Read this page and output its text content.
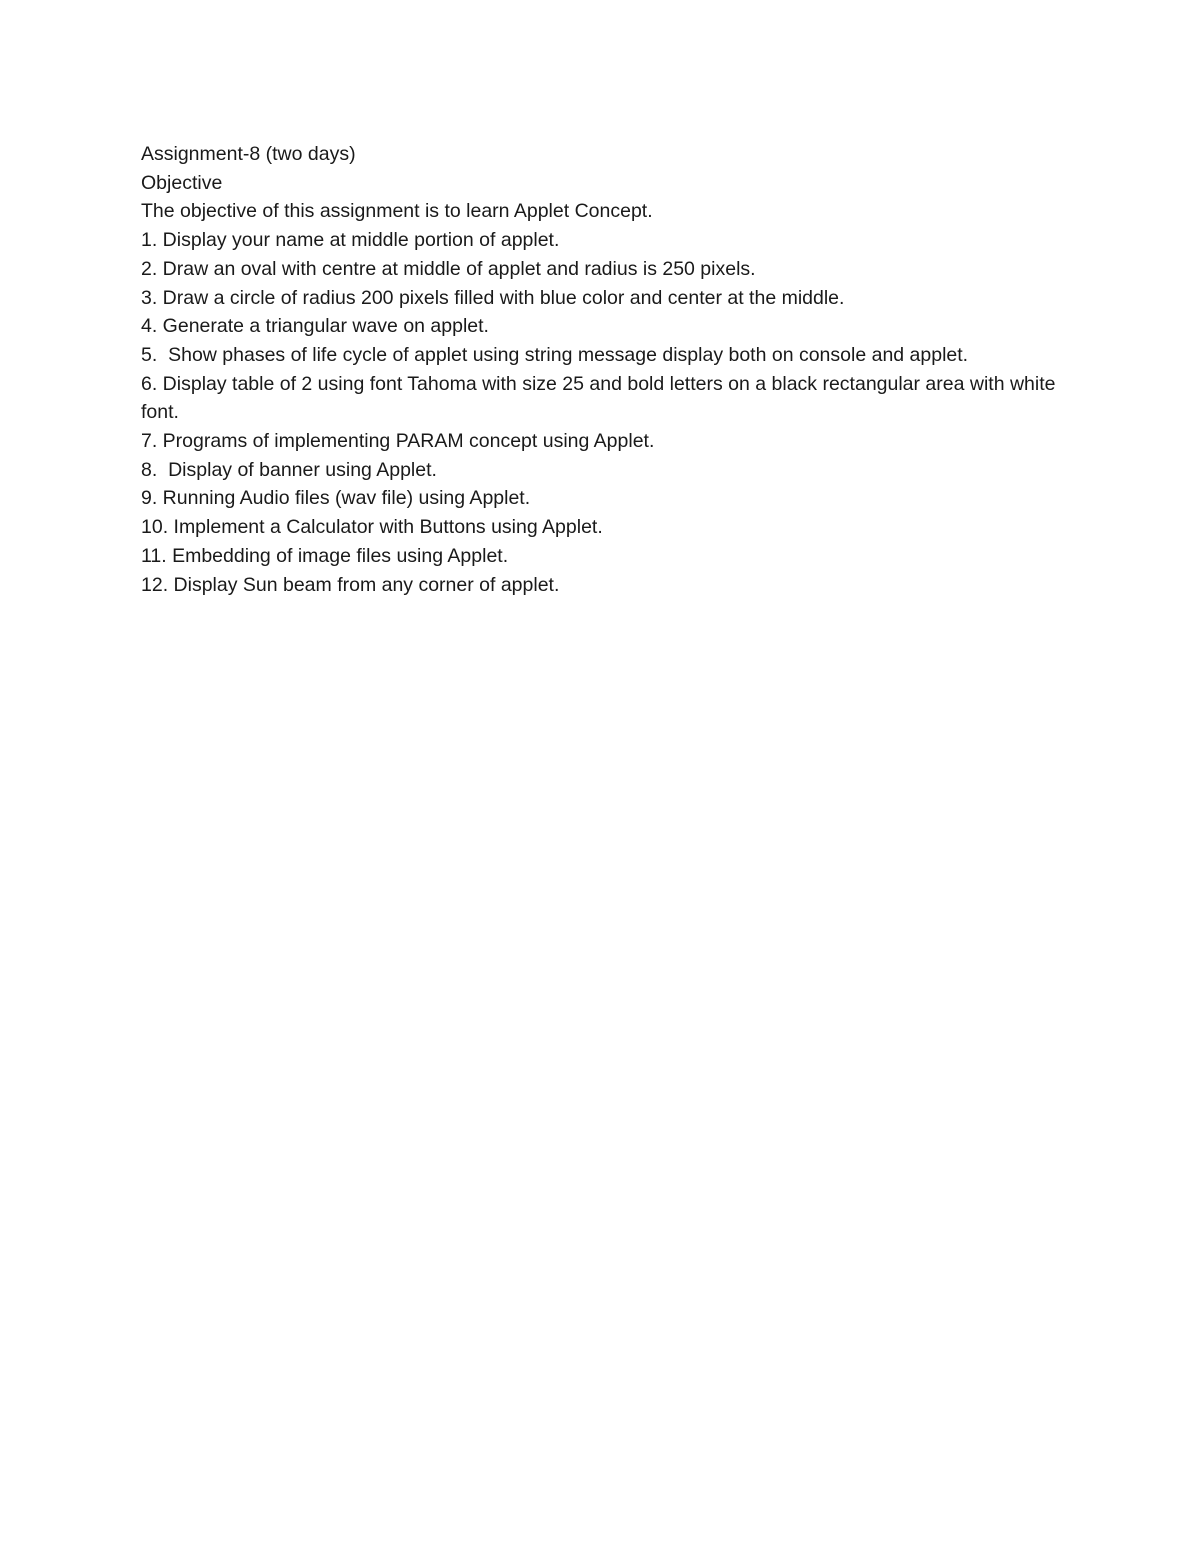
Assignment-8 (two days)

Objective

The objective of this assignment is to learn Applet Concept.

1. Display your name at middle portion of applet.

2. Draw an oval with centre at middle of applet and radius is 250 pixels.

3. Draw a circle of radius 200 pixels filled with blue color and center at the middle.

4. Generate a triangular wave on applet.

5.  Show phases of life cycle of applet using string message display both on console and applet.

6. Display table of 2 using font Tahoma with size 25 and bold letters on a black rectangular area with white font.

7. Programs of implementing PARAM concept using Applet.

8.  Display of banner using Applet.

9. Running Audio files (wav file) using Applet.

10. Implement a Calculator with Buttons using Applet.

11. Embedding of image files using Applet.

12. Display Sun beam from any corner of applet.
